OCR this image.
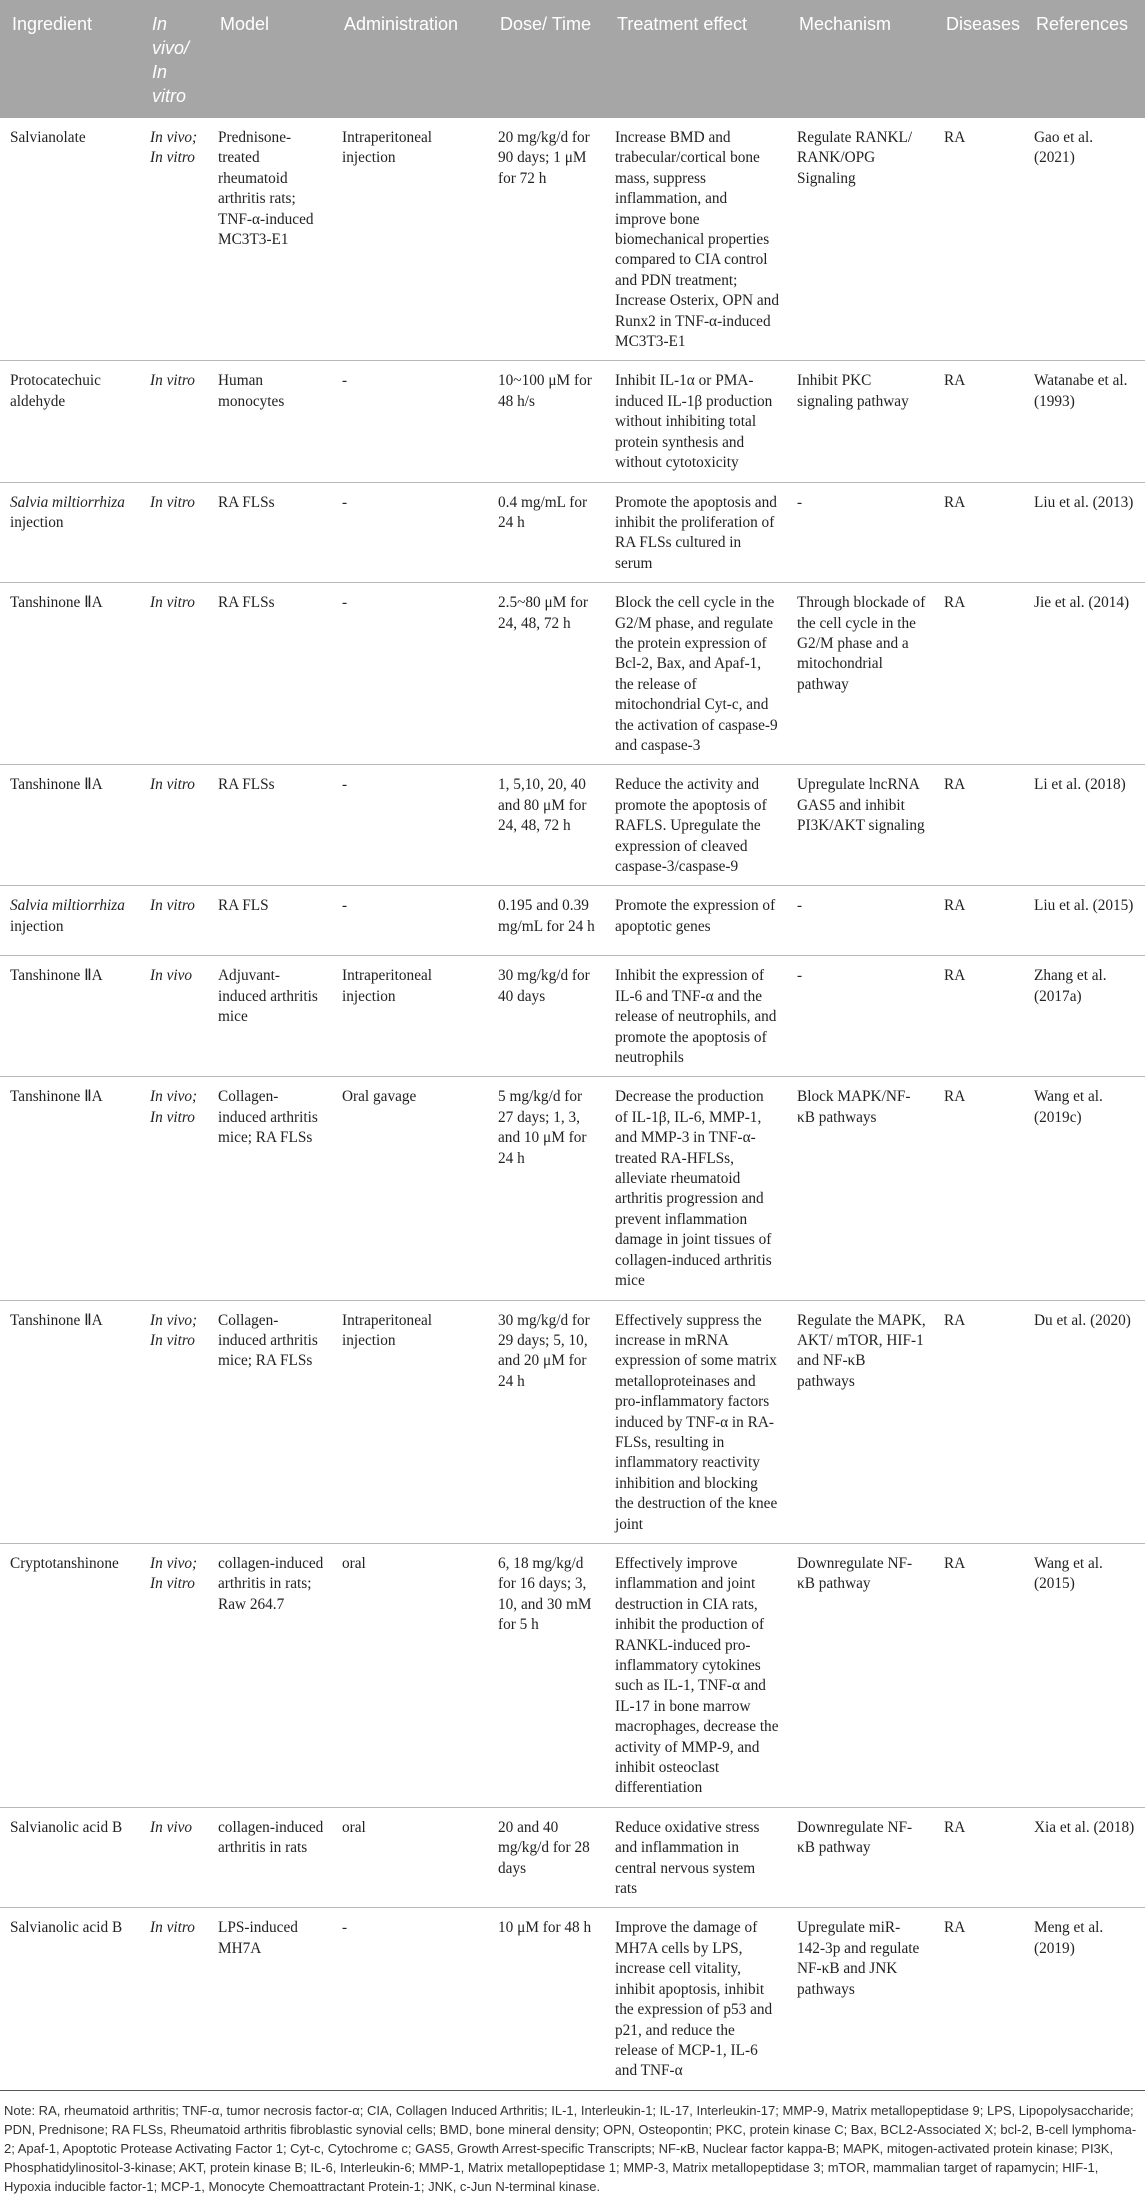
Ingredient	In vivo/ In vitro	Model	Administration	Dose/ Time	Treatment effect	Mechanism	Diseases	References
Salvianolate	In vivo; In vitro	Prednisone-treated rheumatoid arthritis rats; TNF-α-induced MC3T3-E1	Intraperitoneal injection	20 mg/kg/d for 90 days; 1 μM for 72 h	Increase BMD and trabecular/cortical bone mass, suppress inflammation, and improve bone biomechanical properties compared to CIA control and PDN treatment; Increase Osterix, OPN and Runx2 in TNF-α-induced MC3T3-E1	Regulate RANKL/ RANK/OPG Signaling	RA	Gao et al. (2021)
Protocatechuic aldehyde	In vitro	Human monocytes	-	10~100 μM for 48 h/s	Inhibit IL-1α or PMA-induced IL-1β production without inhibiting total protein synthesis and without cytotoxicity	Inhibit PKC signaling pathway	RA	Watanabe et al. (1993)
Salvia miltiorrhiza injection	In vitro	RA FLSs	-	0.4 mg/mL for 24 h	Promote the apoptosis and inhibit the proliferation of RA FLSs cultured in serum	-	RA	Liu et al. (2013)
Tanshinone ⅡA	In vitro	RA FLSs	-	2.5~80 μM for 24, 48, 72 h	Block the cell cycle in the G2/M phase, and regulate the protein expression of Bcl-2, Bax, and Apaf-1, the release of mitochondrial Cyt-c, and the activation of caspase-9 and caspase-3	Through blockade of the cell cycle in the G2/M phase and a mitochondrial pathway	RA	Jie et al. (2014)
Tanshinone ⅡA	In vitro	RA FLSs	-	1, 5,10, 20, 40 and 80 μM for 24, 48, 72 h	Reduce the activity and promote the apoptosis of RAFLS. Upregulate the expression of cleaved caspase-3/caspase-9	Upregulate lncRNA GAS5 and inhibit PI3K/AKT signaling	RA	Li et al. (2018)
Salvia miltiorrhiza injection	In vitro	RA FLS	-	0.195 and 0.39 mg/mL for 24 h	Promote the expression of apoptotic genes	-	RA	Liu et al. (2015)
Tanshinone ⅡA	In vivo	Adjuvant-induced arthritis mice	Intraperitoneal injection	30 mg/kg/d for 40 days	Inhibit the expression of IL-6 and TNF-α and the release of neutrophils, and promote the apoptosis of neutrophils	-	RA	Zhang et al. (2017a)
Tanshinone ⅡA	In vivo; In vitro	Collagen-induced arthritis mice; RA FLSs	Oral gavage	5 mg/kg/d for 27 days; 1, 3, and 10 μM for 24 h	Decrease the production of IL-1β, IL-6, MMP-1, and MMP-3 in TNF-α-treated RA-HFLSs, alleviate rheumatoid arthritis progression and prevent inflammation damage in joint tissues of collagen-induced arthritis mice	Block MAPK/NF-κB pathways	RA	Wang et al. (2019c)
Tanshinone ⅡA	In vivo; In vitro	Collagen-induced arthritis mice; RA FLSs	Intraperitoneal injection	30 mg/kg/d for 29 days; 5, 10, and 20 μM for 24 h	Effectively suppress the increase in mRNA expression of some matrix metalloproteinases and pro-inflammatory factors induced by TNF-α in RA-FLSs, resulting in inflammatory reactivity inhibition and blocking the destruction of the knee joint	Regulate the MAPK, AKT/ mTOR, HIF-1 and NF-κB pathways	RA	Du et al. (2020)
Cryptotanshinone	In vivo; In vitro	collagen-induced arthritis in rats; Raw 264.7	oral	6, 18 mg/kg/d for 16 days; 3, 10, and 30 mM for 5 h	Effectively improve inflammation and joint destruction in CIA rats, inhibit the production of RANKL-induced pro-inflammatory cytokines such as IL-1, TNF-α and IL-17 in bone marrow macrophages, decrease the activity of MMP-9, and inhibit osteoclast differentiation	Downregulate NF-κB pathway	RA	Wang et al. (2015)
Salvianolic acid B	In vivo	collagen-induced arthritis in rats	oral	20 and 40 mg/kg/d for 28 days	Reduce oxidative stress and inflammation in central nervous system rats	Downregulate NF-κB pathway	RA	Xia et al. (2018)
Salvianolic acid B	In vitro	LPS-induced MH7A	-	10 μM for 48 h	Improve the damage of MH7A cells by LPS, increase cell vitality, inhibit apoptosis, inhibit the expression of p53 and p21, and reduce the release of MCP-1, IL-6 and TNF-α	Upregulate miR-142-3p and regulate NF-κB and JNK pathways	RA	Meng et al. (2019)
Note: RA, rheumatoid arthritis; TNF-α, tumor necrosis factor-α; CIA, Collagen Induced Arthritis; IL-1, Interleukin-1; IL-17, Interleukin-17; MMP-9, Matrix metallopeptidase 9; LPS, Lipopolysaccharide; PDN, Prednisone; RA FLSs, Rheumatoid arthritis fibroblastic synovial cells; BMD, bone mineral density; OPN, Osteopontin; PKC, protein kinase C; Bax, BCL2-Associated X; bcl-2, B-cell lymphoma-2; Apaf-1, Apoptotic Protease Activating Factor 1; Cyt-c, Cytochrome c; GAS5, Growth Arrest-specific Transcripts; NF-κB, Nuclear factor kappa-B; MAPK, mitogen-activated protein kinase; PI3K, Phosphatidylinositol-3-kinase; AKT, protein kinase B; IL-6, Interleukin-6; MMP-1, Matrix metallopeptidase 1; MMP-3, Matrix metallopeptidase 3; mTOR, mammalian target of rapamycin; HIF-1, Hypoxia inducible factor-1; MCP-1, Monocyte Chemoattractant Protein-1; JNK, c-Jun N-terminal kinase.
